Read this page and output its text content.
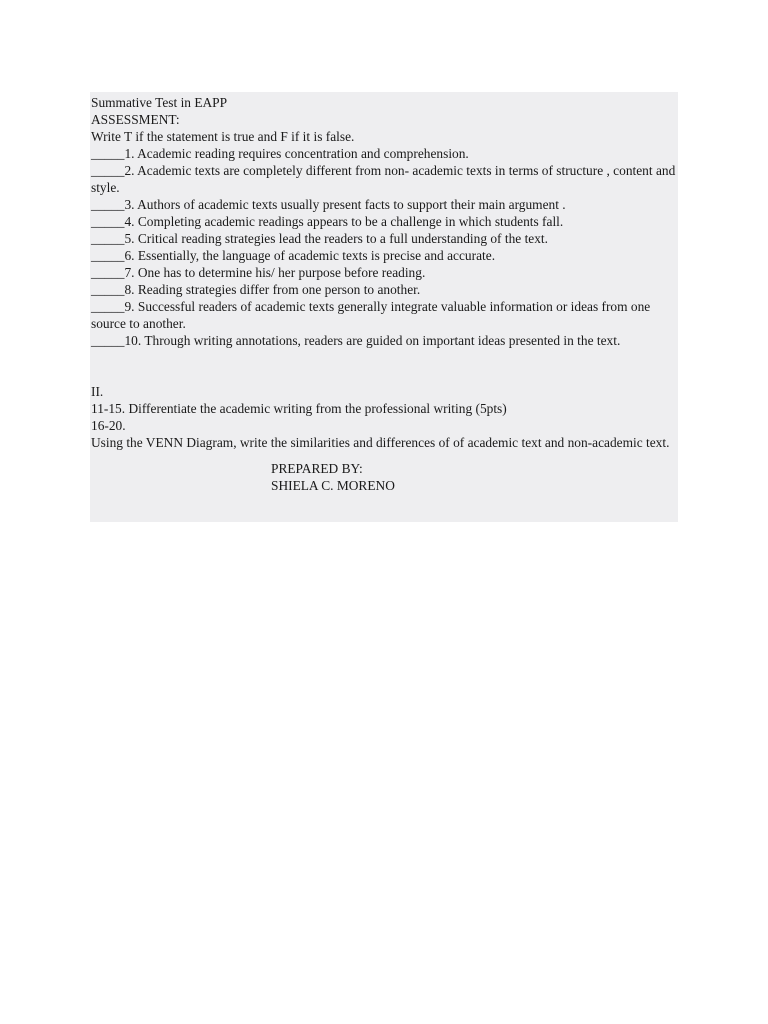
Summative Test in EAPP
ASSESSMENT:
Write T if the statement is true and F if it is false.
_____1. Academic reading requires concentration and comprehension.
_____2. Academic texts are completely different from non- academic texts in terms of structure , content and style.
_____3. Authors of academic texts usually present facts to support their main argument .
_____4. Completing academic readings appears to be a challenge in which students fall.
_____5. Critical reading strategies lead the readers to a full understanding of the text.
_____6. Essentially, the language of academic texts is precise and accurate.
_____7. One has to determine his/ her purpose before reading.
_____8. Reading strategies differ from one person to another.
_____9. Successful readers of academic texts generally integrate valuable information or ideas from one source to another.
_____10. Through writing annotations, readers are guided on important ideas presented in the text.
II.
11-15. Differentiate the academic writing from the professional writing (5pts)
16-20.
Using the VENN Diagram, write the similarities and differences of of academic text and non-academic text.
PREPARED BY:
SHIELA C. MORENO
